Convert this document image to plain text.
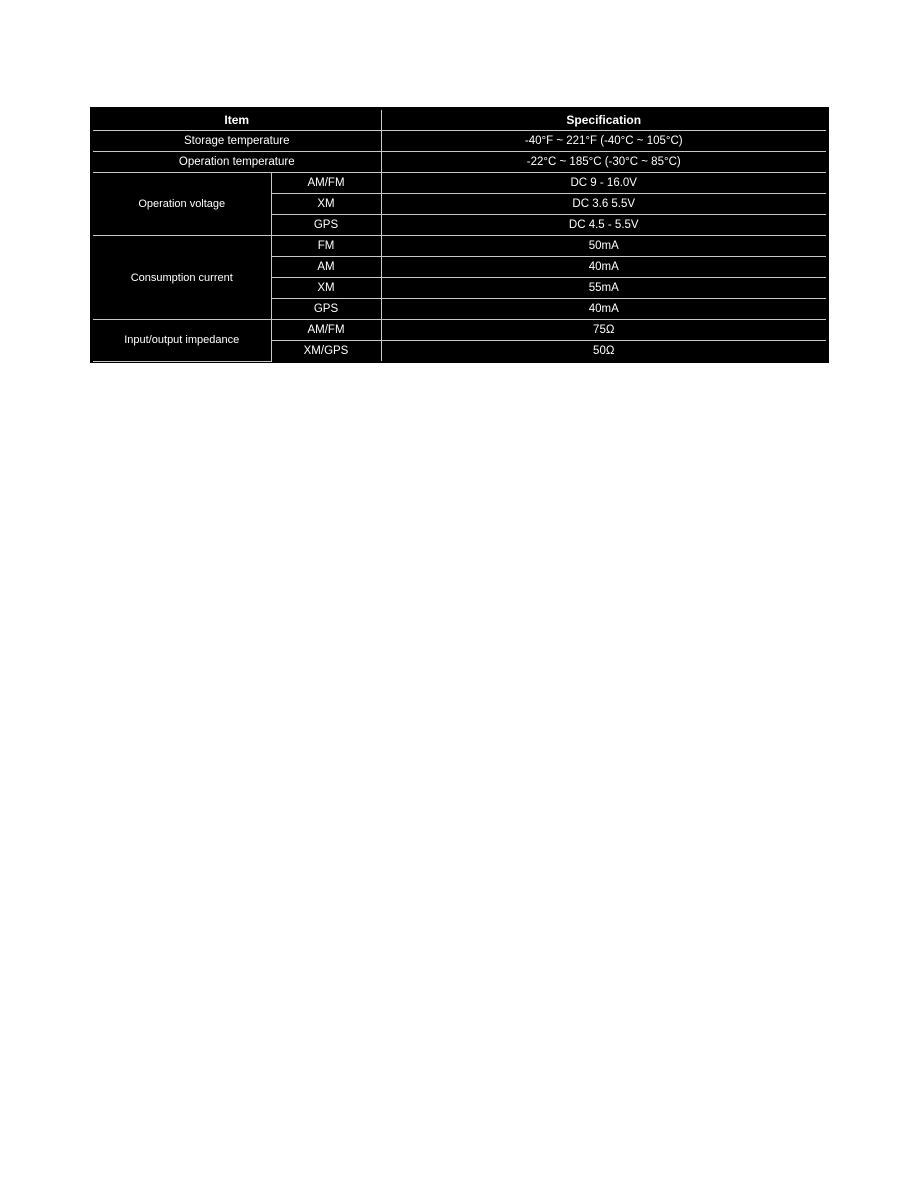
Item		Specification
Storage temperature		-40°F ~ 221°F (-40°C ~ 105°C)
Operation temperature		-22°C ~ 185°C (-30°C ~ 85°C)
Operation voltage	AM/FM	DC 9 - 16.0V
	XM	DC 3.6 5.5V
	GPS	DC 4.5 - 5.5V
Consumption current	FM	50mA
	AM	40mA
	XM	55mA
	GPS	40mA
Input/output impedance	AM/FM	75Ω
	XM/GPS	50Ω
